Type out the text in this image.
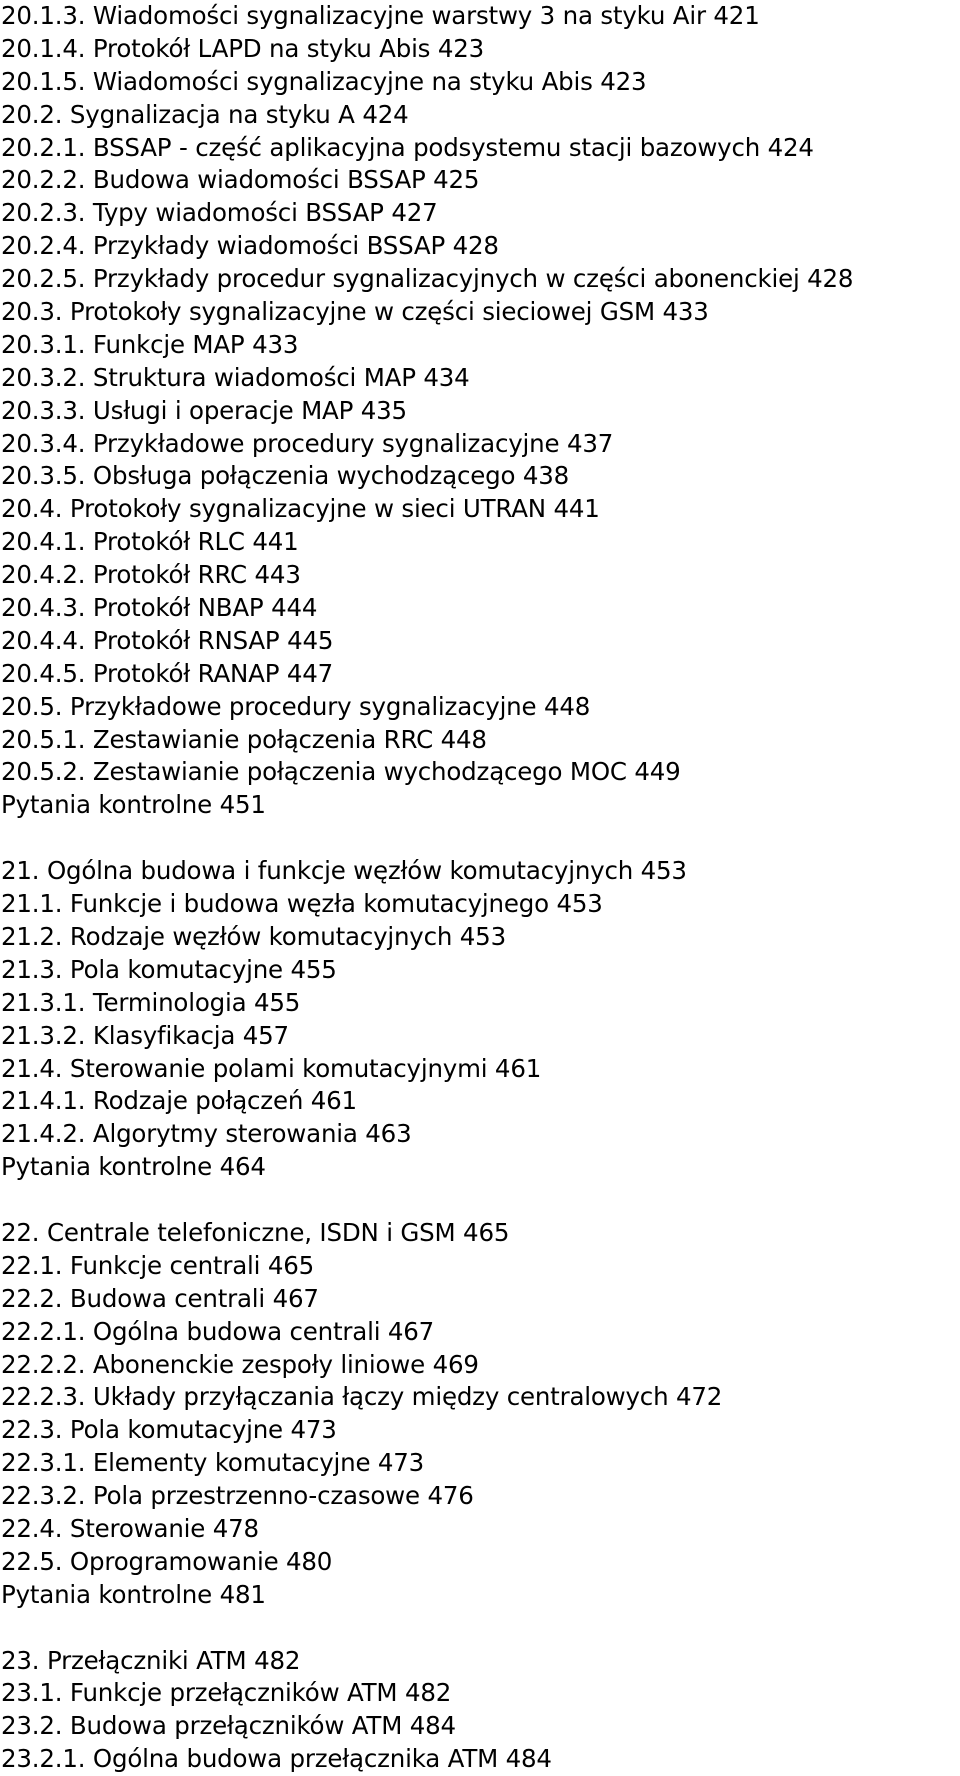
20.1.3. Wiadomości sygnalizacyjne warstwy 3 na styku Air 421
20.1.4. Protokół LAPD na styku Abis 423
20.1.5. Wiadomości sygnalizacyjne na styku Abis 423
20.2. Sygnalizacja na styku A 424
20.2.1. BSSAP - część aplikacyjna podsystemu stacji bazowych 424
20.2.2. Budowa wiadomości BSSAP 425
20.2.3. Typy wiadomości BSSAP 427
20.2.4. Przykłady wiadomości BSSAP 428
20.2.5. Przykłady procedur sygnalizacyjnych w części abonenckiej 428
20.3. Protokoły sygnalizacyjne w części sieciowej GSM 433
20.3.1. Funkcje MAP 433
20.3.2. Struktura wiadomości MAP 434
20.3.3. Usługi i operacje MAP 435
20.3.4. Przykładowe procedury sygnalizacyjne 437
20.3.5. Obsługa połączenia wychodzącego 438
20.4. Protokoły sygnalizacyjne w sieci UTRAN 441
20.4.1. Protokół RLC 441
20.4.2. Protokół RRC 443
20.4.3. Protokół NBAP 444
20.4.4. Protokół RNSAP 445
20.4.5. Protokół RANAP 447
20.5. Przykładowe procedury sygnalizacyjne 448
20.5.1. Zestawianie połączenia RRC 448
20.5.2. Zestawianie połączenia wychodzącego MOC 449
Pytania kontrolne 451
21. Ogólna budowa i funkcje węzłów komutacyjnych 453
21.1. Funkcje i budowa węzła komutacyjnego 453
21.2. Rodzaje węzłów komutacyjnych 453
21.3. Pola komutacyjne 455
21.3.1. Terminologia 455
21.3.2. Klasyfikacja 457
21.4. Sterowanie polami komutacyjnymi 461
21.4.1. Rodzaje połączeń 461
21.4.2. Algorytmy sterowania 463
Pytania kontrolne 464
22. Centrale telefoniczne, ISDN i GSM 465
22.1. Funkcje centrali 465
22.2. Budowa centrali 467
22.2.1. Ogólna budowa centrali 467
22.2.2. Abonenckie zespoły liniowe 469
22.2.3. Układy przyłączania łączy między centralowych 472
22.3. Pola komutacyjne 473
22.3.1. Elementy komutacyjne 473
22.3.2. Pola przestrzenno-czasowe 476
22.4. Sterowanie 478
22.5. Oprogramowanie 480
Pytania kontrolne 481
23. Przełączniki ATM 482
23.1. Funkcje przełączników ATM 482
23.2. Budowa przełączników ATM 484
23.2.1. Ogólna budowa przełącznika ATM 484
